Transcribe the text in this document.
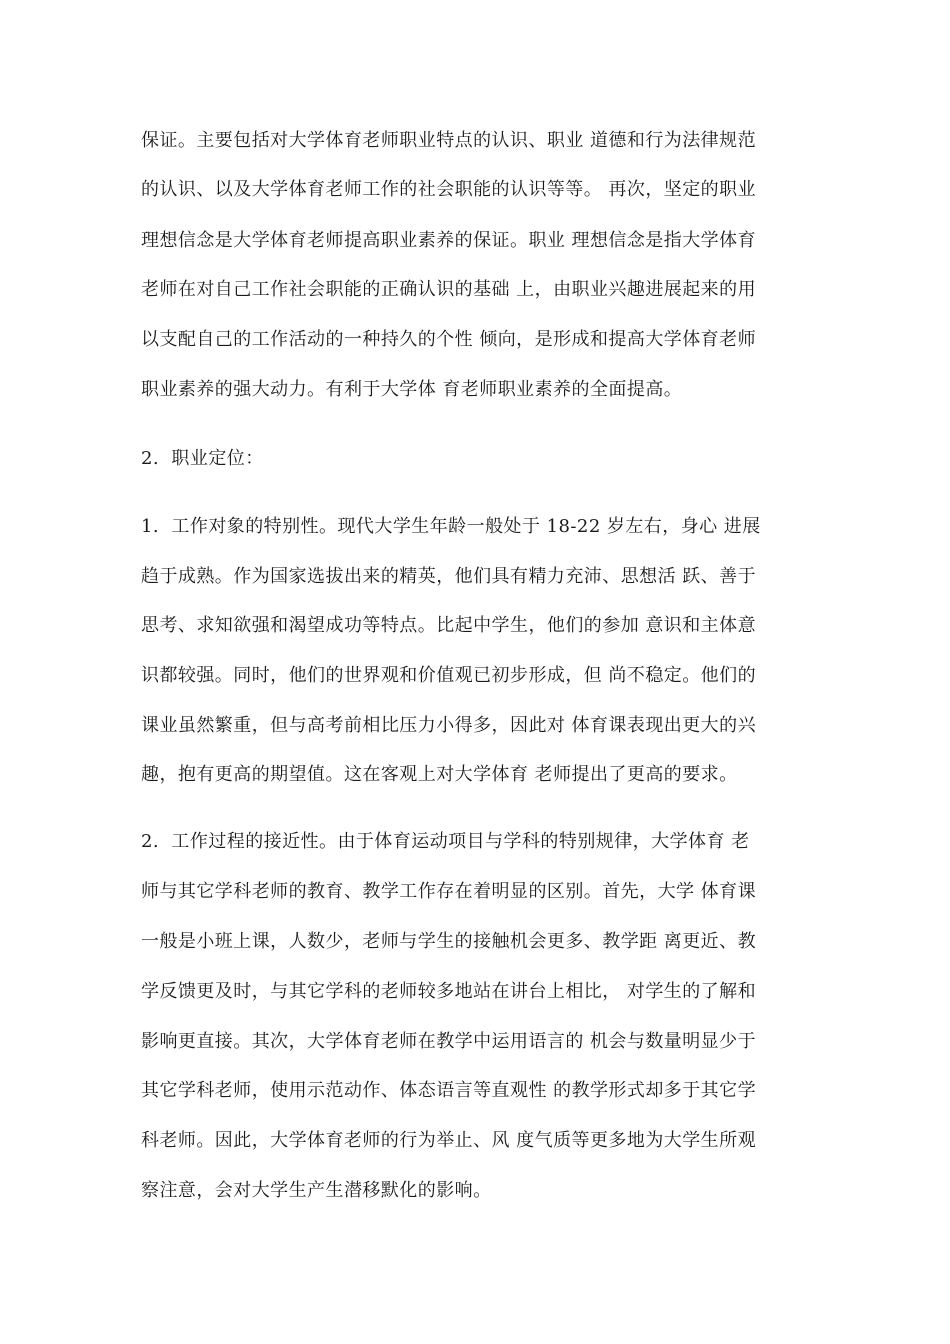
保证。主要包括对大学体育老师职业特点的认识、职业 道德和行为法律规范
的认识、以及大学体育老师工作的社会职能的认识等等。 再次，坚定的职业
理想信念是大学体育老师提高职业素养的保证。职业 理想信念是指大学体育
老师在对自己工作社会职能的正确认识的基础 上，由职业兴趣进展起来的用
以支配自己的工作活动的一种持久的个性 倾向，是形成和提高大学体育老师
职业素养的强大动力。有利于大学体 育老师职业素养的全面提高。
2.  职业定位：
1.  工作对象的特别性。现代大学生年龄一般处于 18-22 岁左右，身心 进展
趋于成熟。作为国家选拔出来的精英，他们具有精力充沛、思想活 跃、善于
思考、求知欲强和渴望成功等特点。比起中学生，他们的参加 意识和主体意
识都较强。同时，他们的世界观和价值观已初步形成，但 尚不稳定。他们的
课业虽然繁重，但与高考前相比压力小得多，因此对 体育课表现出更大的兴
趣，抱有更高的期望值。这在客观上对大学体育 老师提出了更高的要求。
2.  工作过程的接近性。由于体育运动项目与学科的特别规律，大学体育 老
师与其它学科老师的教育、教学工作存在着明显的区别。首先，大学 体育课
一般是小班上课，人数少，老师与学生的接触机会更多、教学距 离更近、教
学反馈更及时，与其它学科的老师较多地站在讲台上相比， 对学生的了解和
影响更直接。其次，大学体育老师在教学中运用语言的 机会与数量明显少于
其它学科老师，使用示范动作、体态语言等直观性 的教学形式却多于其它学
科老师。因此，大学体育老师的行为举止、风 度气质等更多地为大学生所观
察注意，会对大学生产生潜移默化的影响。
